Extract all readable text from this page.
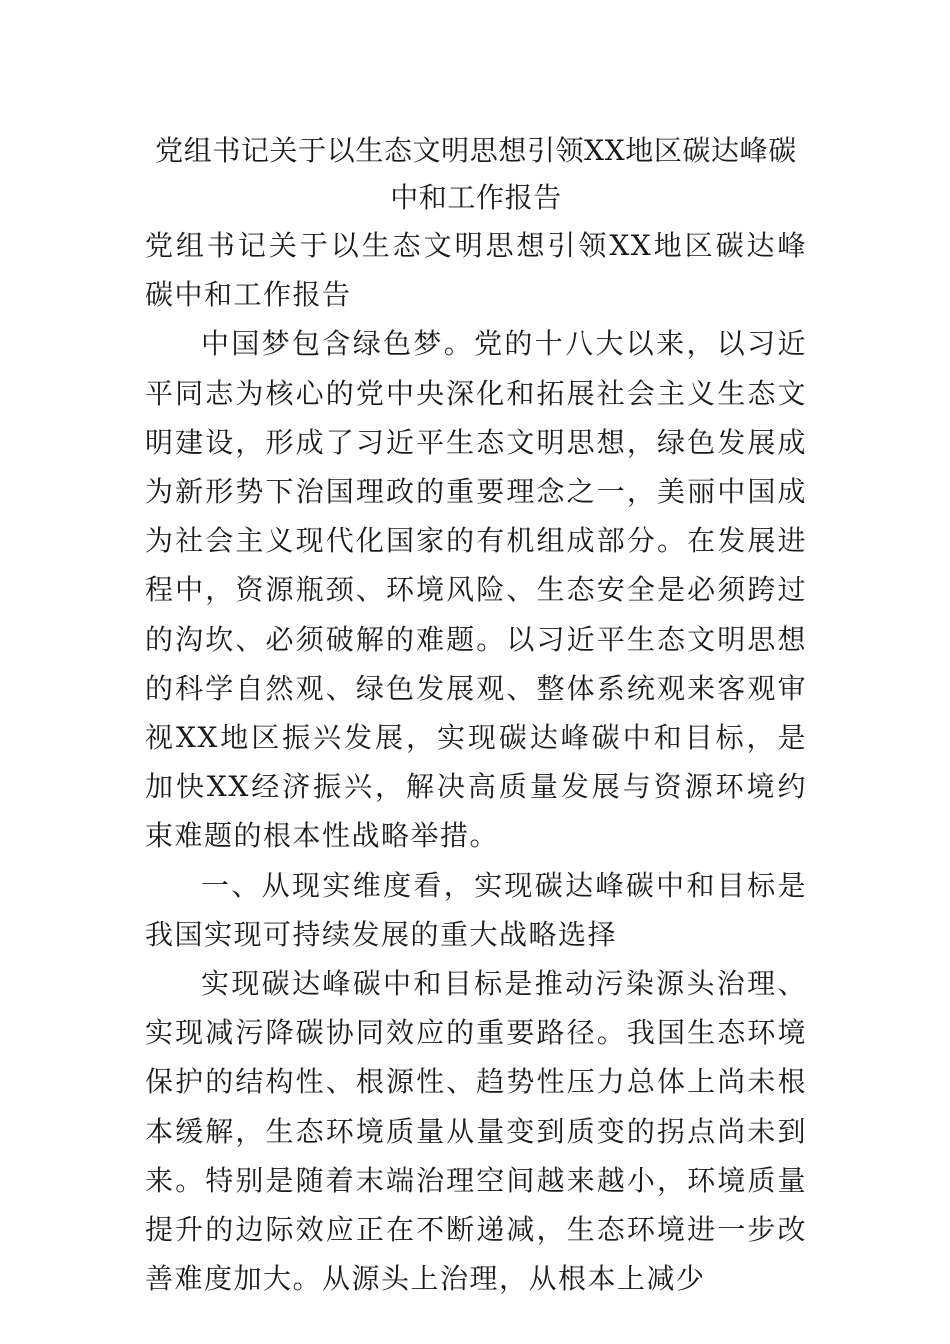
党组书记关于以生态文明思想引领XX地区碳达峰碳中和工作报告

党组书记关于以生态文明思想引领XX地区碳达峰碳中和工作报告

中国梦包含绿色梦。党的十八大以来，以习近平同志为核心的党中央深化和拓展社会主义生态文明建设，形成了习近平生态文明思想，绿色发展成为新形势下治国理政的重要理念之一，美丽中国成为社会主义现代化国家的有机组成部分。在发展进程中，资源瓶颈、环境风险、生态安全是必须跨过的沟坎、必须破解的难题。以习近平生态文明思想的科学自然观、绿色发展观、整体系统观来客观审视XX地区振兴发展，实现碳达峰碳中和目标，是加快XX经济振兴，解决高质量发展与资源环境约束难题的根本性战略举措。

一、从现实维度看，实现碳达峰碳中和目标是我国实现可持续发展的重大战略选择

实现碳达峰碳中和目标是推动污染源头治理、实现减污降碳协同效应的重要路径。我国生态环境保护的结构性、根源性、趋势性压力总体上尚未根本缓解，生态环境质量从量变到质变的拐点尚未到来。特别是随着末端治理空间越来越小，环境质量提升的边际效应正在不断递减，生态环境进一步改善难度加大。从源头上治理，从根本上减少
